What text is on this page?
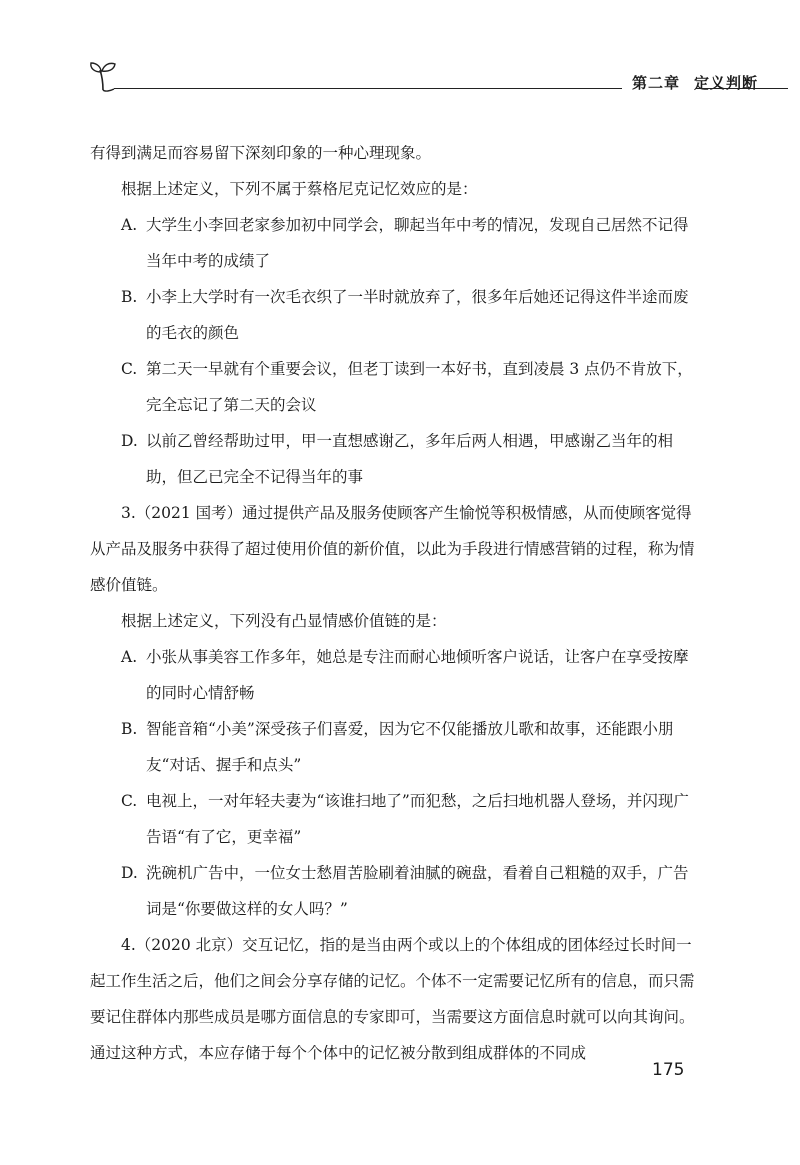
第二章 定义判断

有得到满足而容易留下深刻印象的一种心理现象。

根据上述定义，下列不属于蔡格尼克记忆效应的是：

A. 大学生小李回老家参加初中同学会，聊起当年中考的情况，发现自己居然不记得当年中考的成绩了

B. 小李上大学时有一次毛衣织了一半时就放弃了，很多年后她还记得这件半途而废的毛衣的颜色

C. 第二天一早就有个重要会议，但老丁读到一本好书，直到凌晨 3 点仍不肯放下，完全忘记了第二天的会议

D. 以前乙曾经帮助过甲，甲一直想感谢乙，多年后两人相遇，甲感谢乙当年的相助，但乙已完全不记得当年的事

3.（2021 国考）通过提供产品及服务使顾客产生愉悦等积极情感，从而使顾客觉得从产品及服务中获得了超过使用价值的新价值，以此为手段进行情感营销的过程，称为情感价值链。

根据上述定义，下列没有凸显情感价值链的是：

A. 小张从事美容工作多年，她总是专注而耐心地倾听客户说话，让客户在享受按摩的同时心情舒畅

B. 智能音箱“小美”深受孩子们喜爱，因为它不仅能播放儿歌和故事，还能跟小朋友“对话、握手和点头”

C. 电视上，一对年轻夫妻为“该谁扫地了”而犯愁，之后扫地机器人登场，并闪现广告语“有了它，更幸福”

D. 洗碗机广告中，一位女士愁眉苦脸刷着油腻的碗盘，看着自己粗糙的双手，广告词是“你要做这样的女人吗？”

4.（2020 北京）交互记忆，指的是当由两个或以上的个体组成的团体经过长时间一起工作生活之后，他们之间会分享存储的记忆。个体不一定需要记忆所有的信息，而只需要记住群体内那些成员是哪方面信息的专家即可，当需要这方面信息时就可以向其询问。通过这种方式，本应存储于每个个体中的记忆被分散到组成群体的不同成

175
